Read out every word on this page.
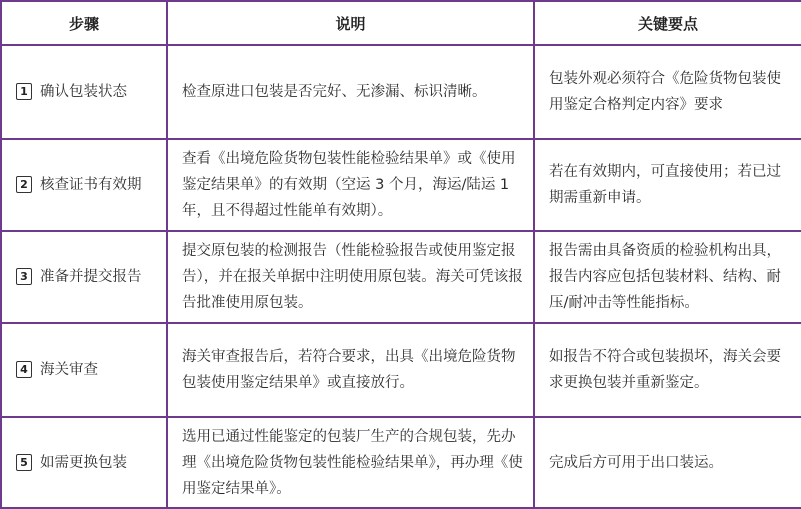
步骤	说明	关键要点
1 确认包装状态	检查原进口包装是否完好、无渗漏、标识清晰。	包装外观必须符合《危险货物包装使用鉴定合格判定内容》要求
2 核查证书有效期	查看《出境危险货物包装性能检验结果单》或《使用鉴定结果单》的有效期（空运 3 个月，海运/陆运 1 年，且不得超过性能单有效期）。	若在有效期内，可直接使用；若已过期需重新申请。
3 准备并提交报告	提交原包装的检测报告（性能检验报告或使用鉴定报告），并在报关单据中注明使用原包装。海关可凭该报告批准使用原包装。	报告需由具备资质的检验机构出具，报告内容应包括包装材料、结构、耐压/耐冲击等性能指标。
4 海关审查	海关审查报告后，若符合要求，出具《出境危险货物包装使用鉴定结果单》或直接放行。	如报告不符合或包装损坏，海关会要求更换包装并重新鉴定。
5 如需更换包装	选用已通过性能鉴定的包装厂生产的合规包装，先办理《出境危险货物包装性能检验结果单》，再办理《使用鉴定结果单》。	完成后方可用于出口装运。
